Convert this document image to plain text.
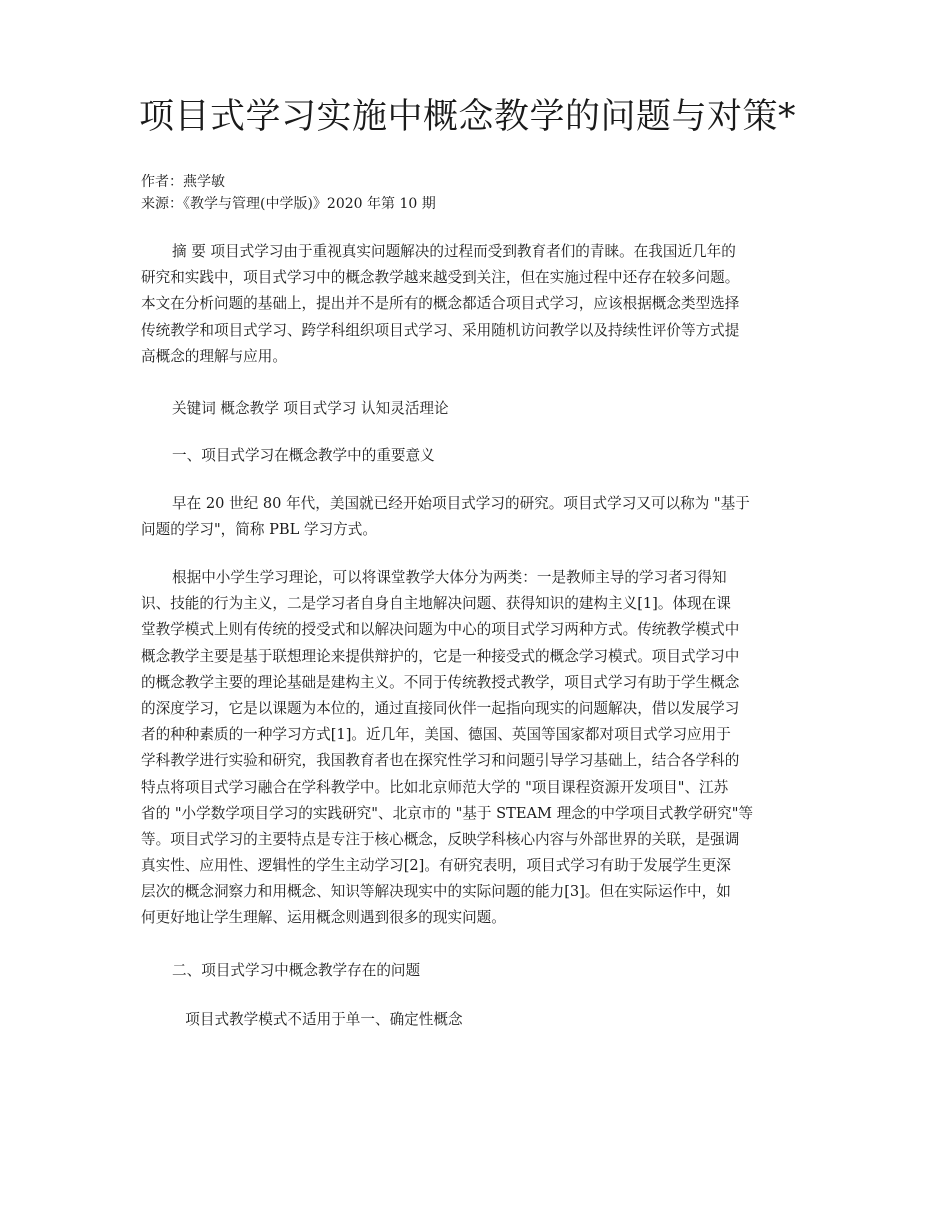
项目式学习实施中概念教学的问题与对策*
作者：燕学敏
来源：《教学与管理(中学版)》2020 年第 10 期
摘 要 项目式学习由于重视真实问题解决的过程而受到教育者们的青睐。在我国近几年的
研究和实践中，项目式学习中的概念教学越来越受到关注，但在实施过程中还存在较多问题。
本文在分析问题的基础上，提出并不是所有的概念都适合项目式学习，应该根据概念类型选择
传统教学和项目式学习、跨学科组织项目式学习、采用随机访问教学以及持续性评价等方式提
高概念的理解与应用。
关键词 概念教学 项目式学习 认知灵活理论
一、项目式学习在概念教学中的重要意义
早在 20 世纪 80 年代，美国就已经开始项目式学习的研究。项目式学习又可以称为 "基于
问题的学习"，简称 PBL 学习方式。
根据中小学生学习理论，可以将课堂教学大体分为两类：一是教师主导的学习者习得知
识、技能的行为主义，二是学习者自身自主地解决问题、获得知识的建构主义[1]。体现在课
堂教学模式上则有传统的授受式和以解决问题为中心的项目式学习两种方式。传统教学模式中
概念教学主要是基于联想理论来提供辩护的，它是一种接受式的概念学习模式。项目式学习中
的概念教学主要的理论基础是建构主义。不同于传统教授式教学，项目式学习有助于学生概念
的深度学习，它是以课题为本位的，通过直接同伙伴一起指向现实的问题解决，借以发展学习
者的种种素质的一种学习方式[1]。近几年，美国、德国、英国等国家都对项目式学习应用于
学科教学进行实验和研究，我国教育者也在探究性学习和问题引导学习基础上，结合各学科的
特点将项目式学习融合在学科教学中。比如北京师范大学的 "项目课程资源开发项目"、江苏
省的 "小学数学项目学习的实践研究"、北京市的 "基于 STEAM 理念的中学项目式教学研究"等
等。项目式学习的主要特点是专注于核心概念，反映学科核心内容与外部世界的关联，是强调
真实性、应用性、逻辑性的学生主动学习[2]。有研究表明，项目式学习有助于发展学生更深
层次的概念洞察力和用概念、知识等解决现实中的实际问题的能力[3]。但在实际运作中，如
何更好地让学生理解、运用概念则遇到很多的现实问题。
二、项目式学习中概念教学存在的问题
项目式教学模式不适用于单一、确定性概念
